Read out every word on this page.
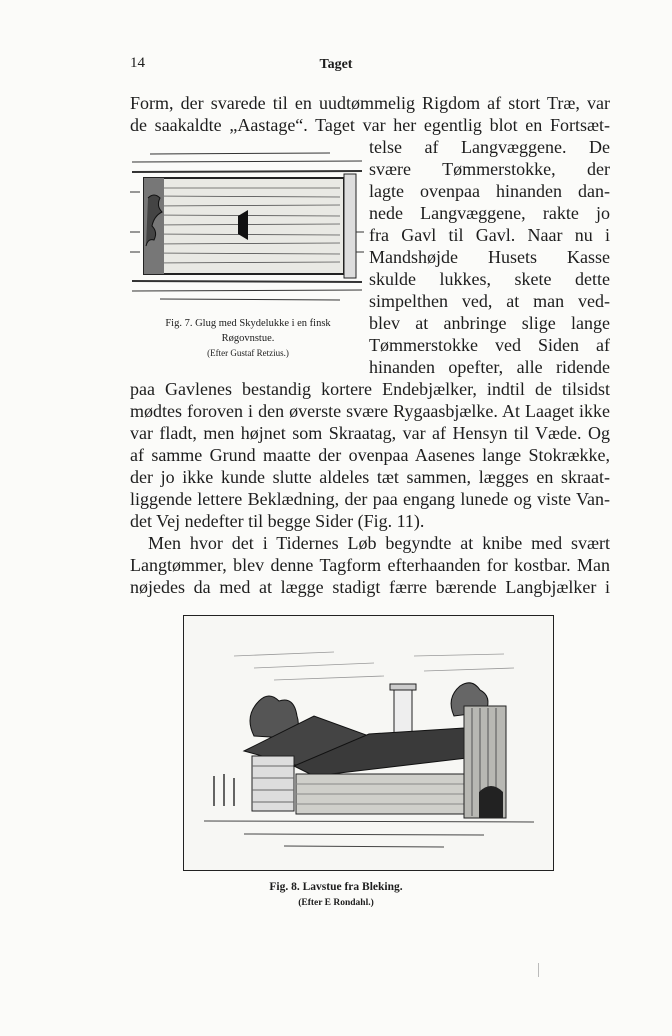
14	Taget
Form, der svarede til en uudtømmelig Rigdom af stort Træ, var
de saakaldte „Aastage“. Taget var her egentlig blot en Fortsæt-
telse af Langvæggene. De
svære Tømmerstokke, der
lagte ovenpaa hinanden dan-
nede Langvæggene, rakte jo
fra Gavl til Gavl. Naar nu i
Mandshøjde Husets Kasse
skulde lukkes, skete dette
simpelthen ved, at man ved-
blev at anbringe slige lange
Tømmerstokke ved Siden af
hinanden opefter, alle ridende
paa Gavlenes bestandig kortere Endebjælker, indtil de tilsidst
mødtes foroven i den øverste svære Rygaasbjælke. At Laaget ikke
var fladt, men højnet som Skraatag, var af Hensyn til Væde. Og
af samme Grund maatte der ovenpaa Aasenes lange Stokrække,
der jo ikke kunde slutte aldeles tæt sammen, lægges en skraat-
liggende lettere Beklædning, der paa engang lunede og viste Van-
det Vej nedefter til begge Sider (Fig. 11).
Men hvor det i Tidernes Løb begyndte at knibe med svært
Langtømmer, blev denne Tagform efterhaanden for kostbar. Man
nøjedes da med at lægge stadigt færre bærende Langbjælker i
Fig. 7. Glug med Skydelukke i en finsk
Røgovnstue.
(Efter Gustaf Retzius.)
Fig. 8. Lavstue fra Bleking.
(Efter E Rondahl.)
